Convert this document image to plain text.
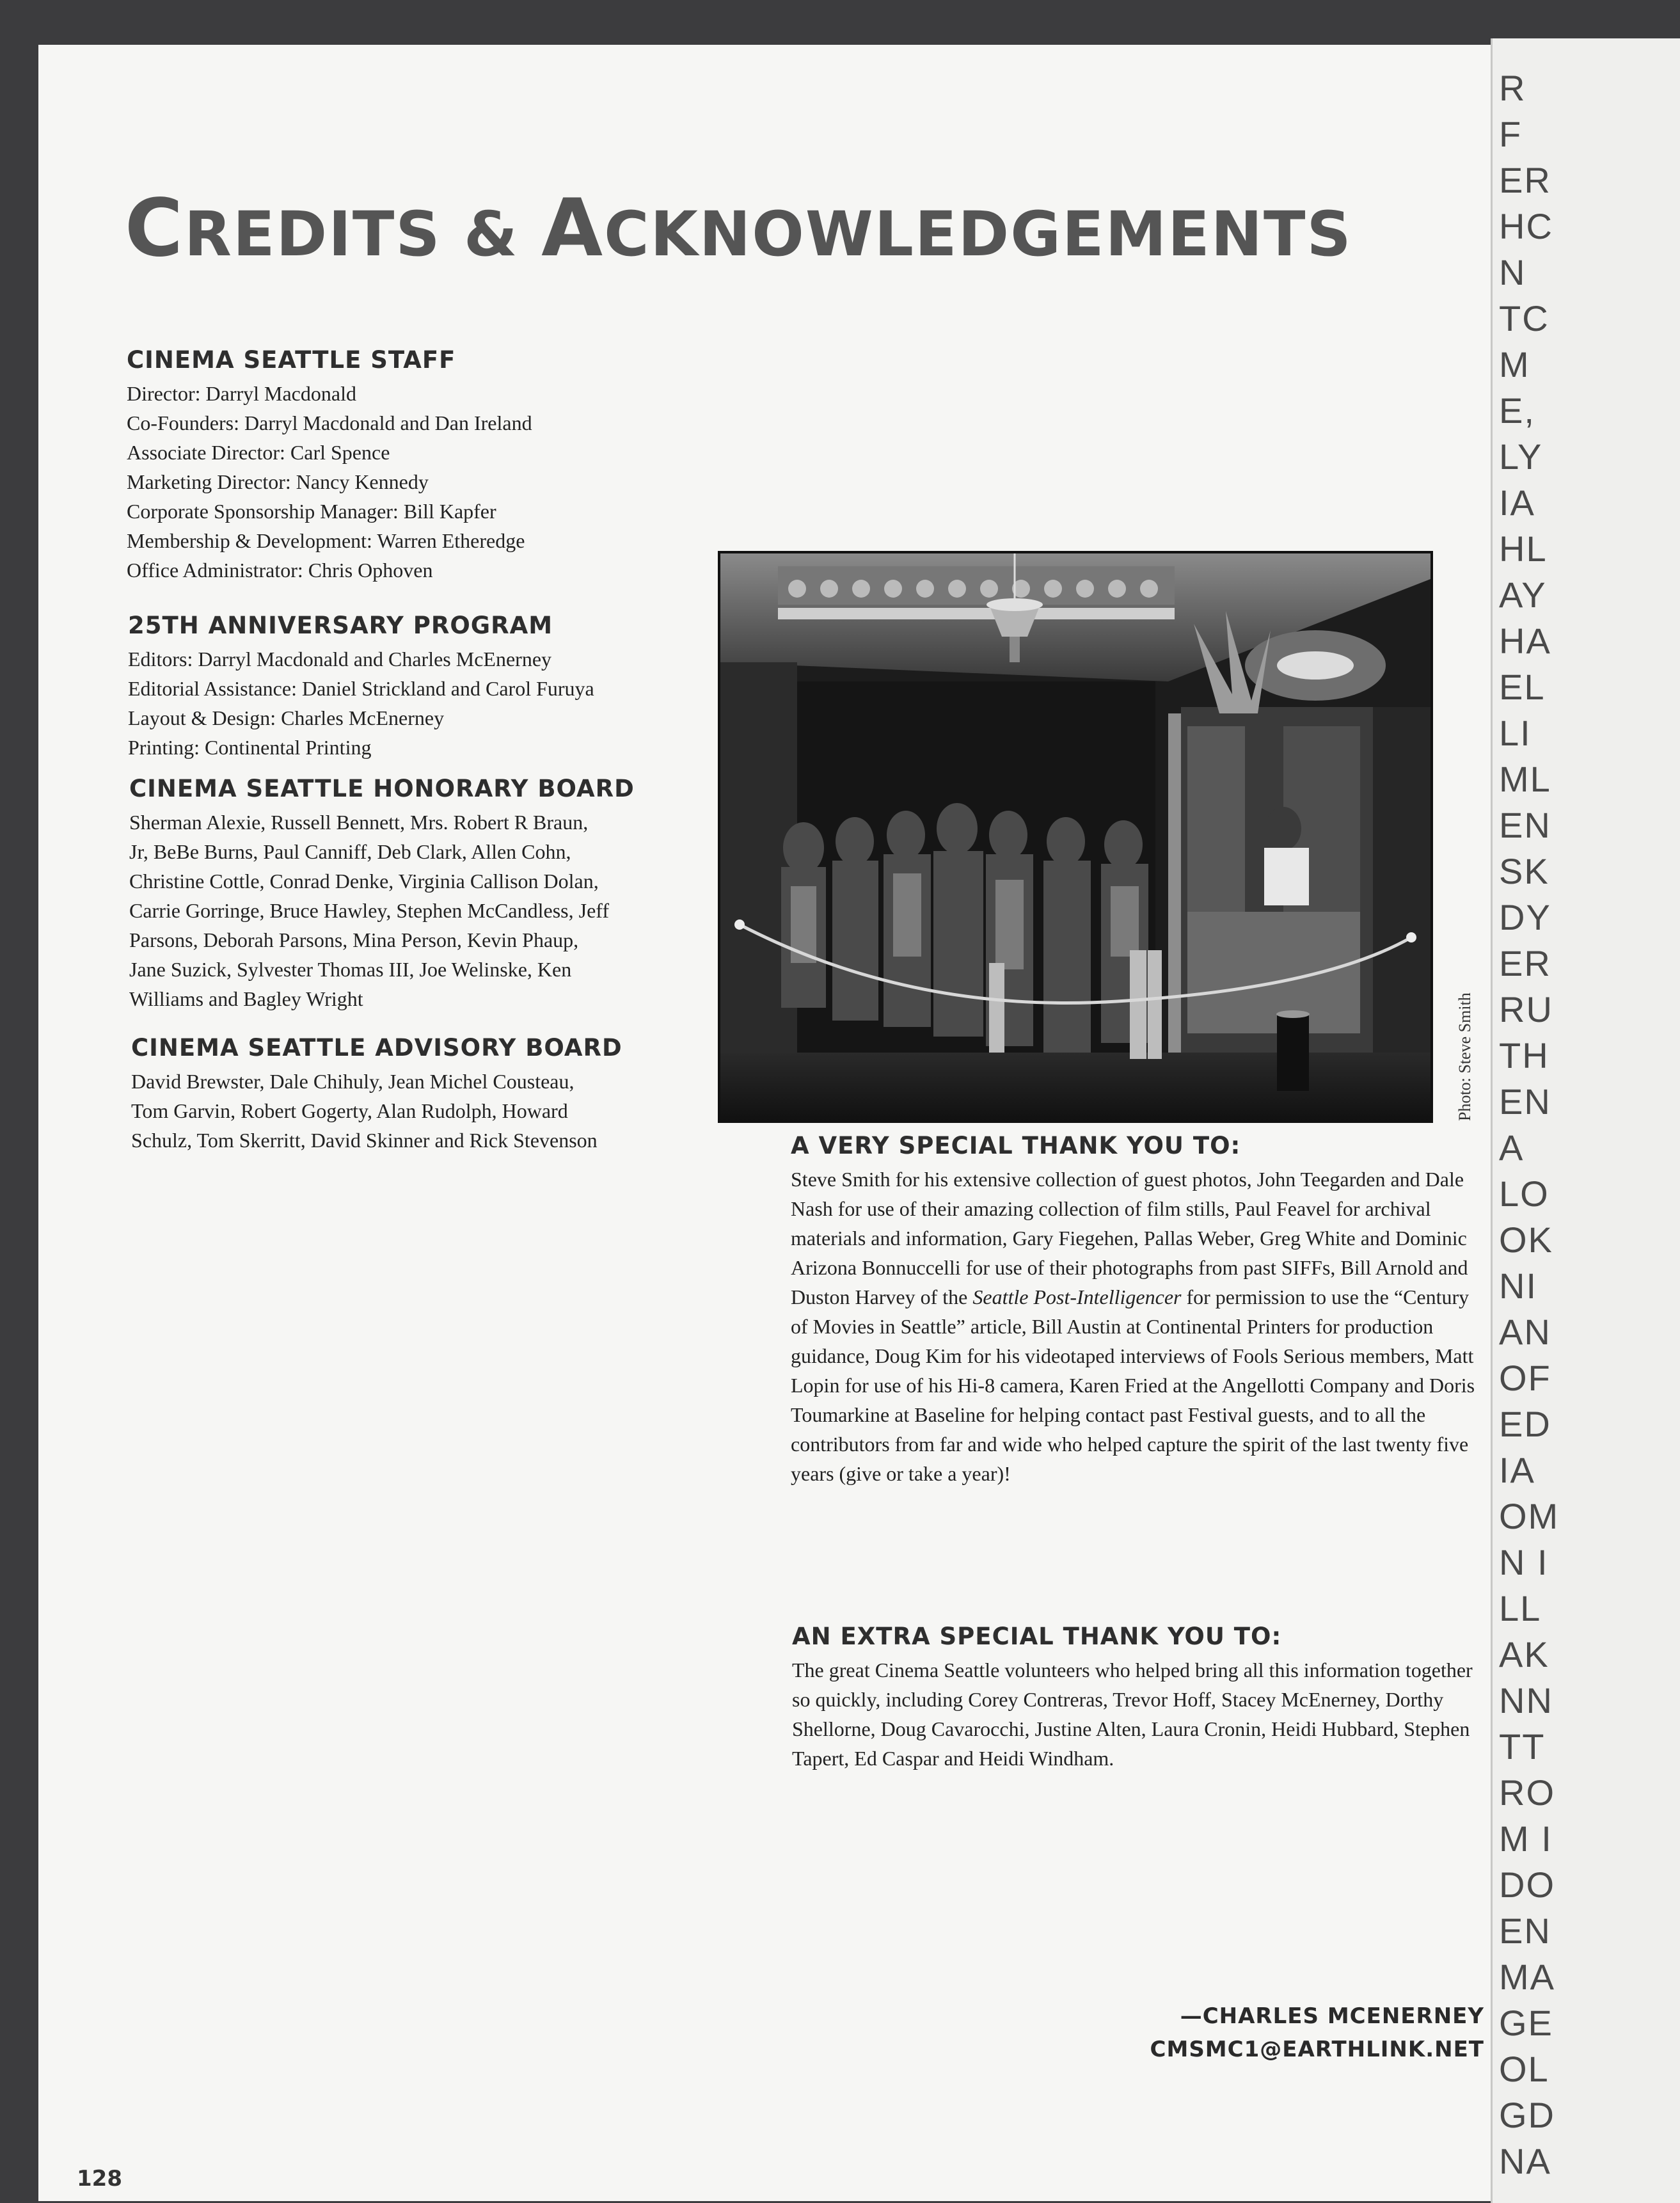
CREDITS & ACKNOWLEDGEMENTS
CINEMA SEATTLE STAFF
Director: Darryl Macdonald
Co-Founders: Darryl Macdonald and Dan Ireland
Associate Director: Carl Spence
Marketing Director: Nancy Kennedy
Corporate Sponsorship Manager: Bill Kapfer
Membership & Development: Warren Etheredge
Office Administrator: Chris Ophoven
25TH ANNIVERSARY PROGRAM
Editors: Darryl Macdonald and Charles McEnerney
Editorial Assistance: Daniel Strickland and Carol Furuya
Layout & Design: Charles McEnerney
Printing: Continental Printing
CINEMA SEATTLE HONORARY BOARD
Sherman Alexie, Russell Bennett, Mrs. Robert R Braun,
Jr, BeBe Burns, Paul Canniff, Deb Clark, Allen Cohn,
Christine Cottle, Conrad Denke, Virginia Callison Dolan,
Carrie Gorringe, Bruce Hawley, Stephen McCandless, Jeff
Parsons, Deborah Parsons, Mina Person, Kevin Phaup,
Jane Suzick, Sylvester Thomas III, Joe Welinske, Ken
Williams and Bagley Wright
CINEMA SEATTLE ADVISORY BOARD
David Brewster, Dale Chihuly, Jean Michel Cousteau,
Tom Garvin, Robert Gogerty, Alan Rudolph, Howard
Schulz, Tom Skerritt, David Skinner and Rick Stevenson
Photo: Steve Smith
A VERY SPECIAL THANK YOU TO:

Steve Smith for his extensive collection of guest photos, John Teegarden and Dale Nash for use of their amazing collection of film stills, Paul Feavel for archival materials and information, Gary Fiegehen, Pallas Weber, Greg White and Dominic Arizona Bonnuccelli for use of their photographs from past SIFFs, Bill Arnold and Duston Harvey of the Seattle Post-Intelligencer for permission to use the “Century of Movies in Seattle” article, Bill Austin at Continental Printers for production guidance, Doug Kim for his videotaped interviews of Fools Serious members, Matt Lopin for use of his Hi-8 camera, Karen Fried at the Angellotti Company and Doris Toumarkine at Baseline for helping contact past Festival guests, and to all the contributors from far and wide who helped capture the spirit of the last twenty five years (give or take a year)!

AN EXTRA SPECIAL THANK YOU TO:

The great Cinema Seattle volunteers who helped bring all this information together so quickly, including Corey Contreras, Trevor Hoff, Stacey McEnerney, Dorthy Shellorne, Doug Cavarocchi, Justine Alten, Laura Cronin, Heidi Hubbard, Stephen Tapert, Ed Caspar and Heidi Windham.

—CHARLES MCENERNEY
CMSMC1@EARTHLINK.NET
128
R
F
ER
HC
N
TC
M
E,
LY
IA
HL
AY
HA
EL
LI
ML
EN
SK
DY
ER
RU
TH
EN
A
LO
OK
NI
AN
OF
ED
IA
OM
N I
LL
AK
NN
TT
RO
M I
DO
EN
MA
GE
OL
GD
NA
